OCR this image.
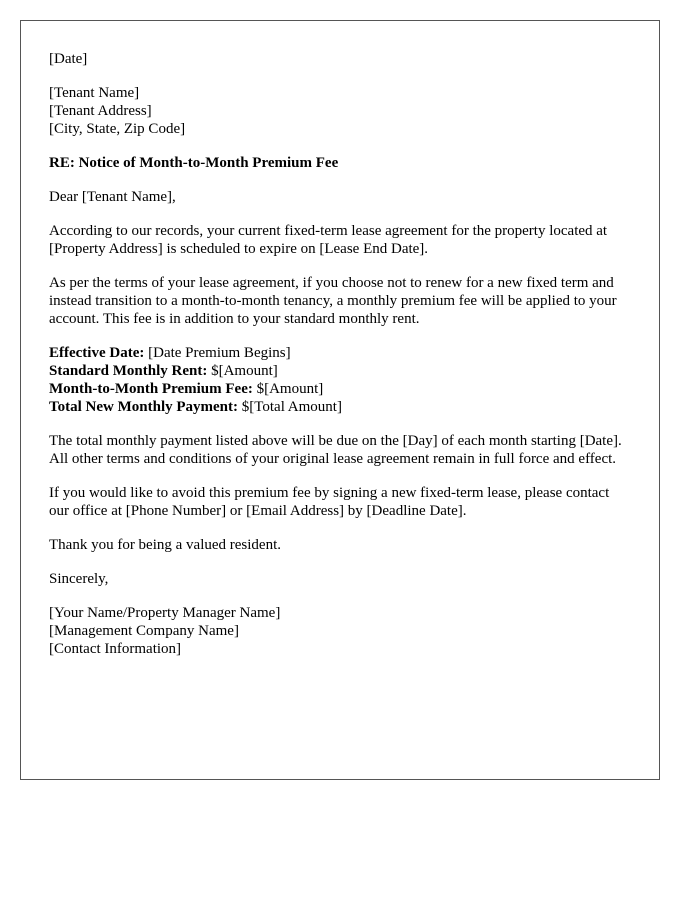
[Date]

[Tenant Name]
[Tenant Address]
[City, State, Zip Code]

RE: Notice of Month-to-Month Premium Fee

Dear [Tenant Name],

According to our records, your current fixed-term lease agreement for the property located at [Property Address] is scheduled to expire on [Lease End Date].

As per the terms of your lease agreement, if you choose not to renew for a new fixed term and instead transition to a month-to-month tenancy, a monthly premium fee will be applied to your account. This fee is in addition to your standard monthly rent.

Effective Date: [Date Premium Begins]
Standard Monthly Rent: $[Amount]
Month-to-Month Premium Fee: $[Amount]
Total New Monthly Payment: $[Total Amount]

The total monthly payment listed above will be due on the [Day] of each month starting [Date]. All other terms and conditions of your original lease agreement remain in full force and effect.

If you would like to avoid this premium fee by signing a new fixed-term lease, please contact our office at [Phone Number] or [Email Address] by [Deadline Date].

Thank you for being a valued resident.

Sincerely,

[Your Name/Property Manager Name]
[Management Company Name]
[Contact Information]
